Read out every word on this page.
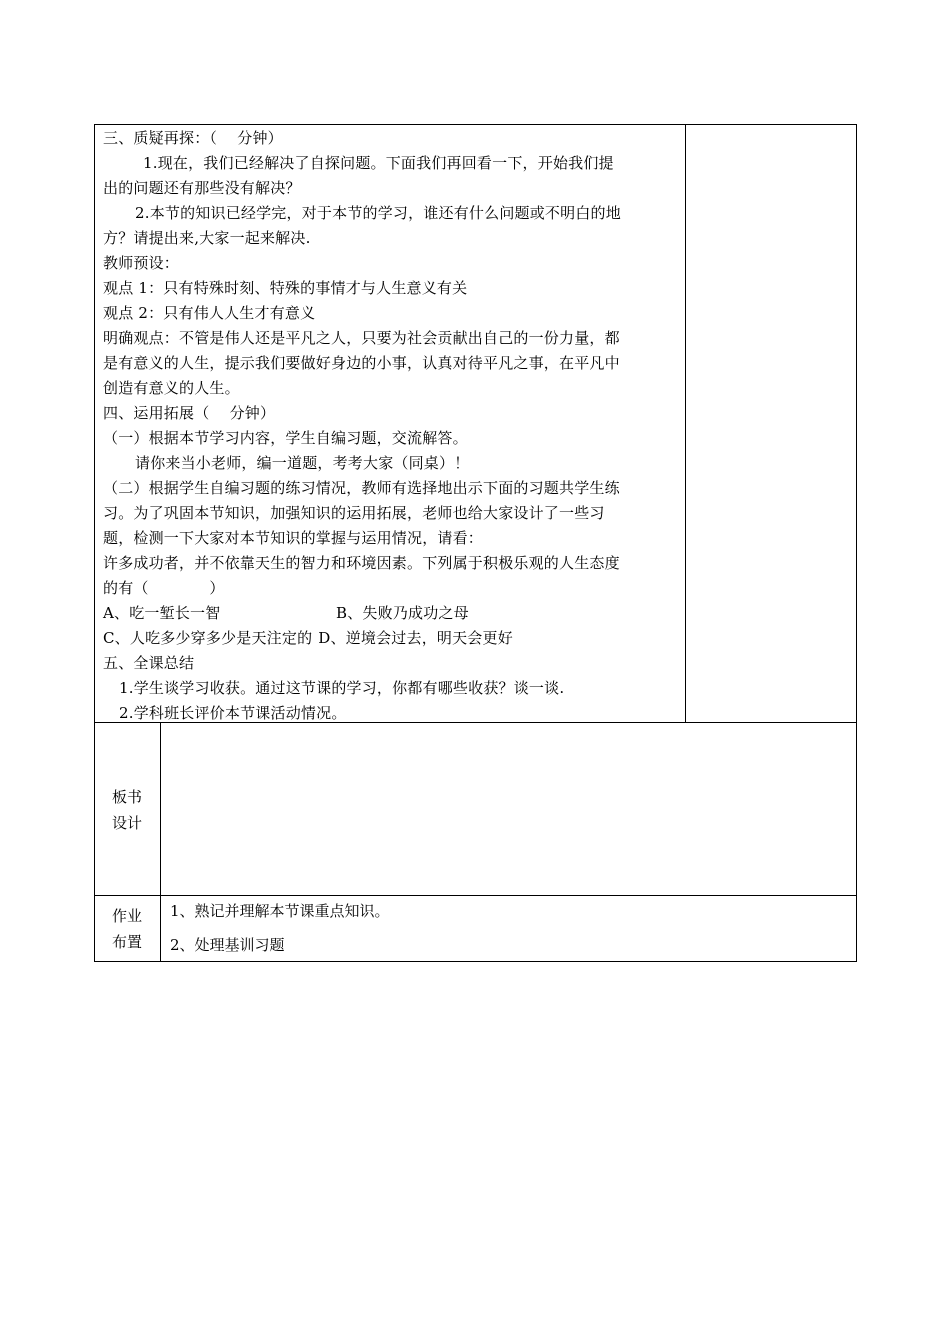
三、质疑再探：（　 分钟）

1.现在，我们已经解决了自探问题。下面我们再回看一下，开始我们提

出的问题还有那些没有解决？

2.本节的知识已经学完，对于本节的学习，谁还有什么问题或不明白的地

方？请提出来,大家一起来解决.

教师预设：

观点 1：只有特殊时刻、特殊的事情才与人生意义有关

观点 2：只有伟人人生才有意义

明确观点：不管是伟人还是平凡之人，只要为社会贡献出自己的一份力量，都

是有意义的人生，提示我们要做好身边的小事，认真对待平凡之事，在平凡中

创造有意义的人生。

四、运用拓展（　 分钟）

（一）根据本节学习内容，学生自编习题，交流解答。

请你来当小老师，编一道题，考考大家（同桌）！

（二）根据学生自编习题的练习情况，教师有选择地出示下面的习题共学生练

习。为了巩固本节知识，加强知识的运用拓展，老师也给大家设计了一些习

题，检测一下大家对本节知识的掌握与运用情况，请看：

许多成功者，并不依靠天生的智力和环境因素。下列属于积极乐观的人生态度

的有（　　　　）

A、吃一堑长一智	B、失败乃成功之母

C、人吃多少穿多少是天注定的 D、逆境会过去，明天会更好

五、全课总结

1.学生谈学习收获。通过这节课的学习，你都有哪些收获？谈一谈.

2.学科班长评价本节课活动情况。

板书
设计
作业
布置
1、熟记并理解本节课重点知识。
2、处理基训习题
